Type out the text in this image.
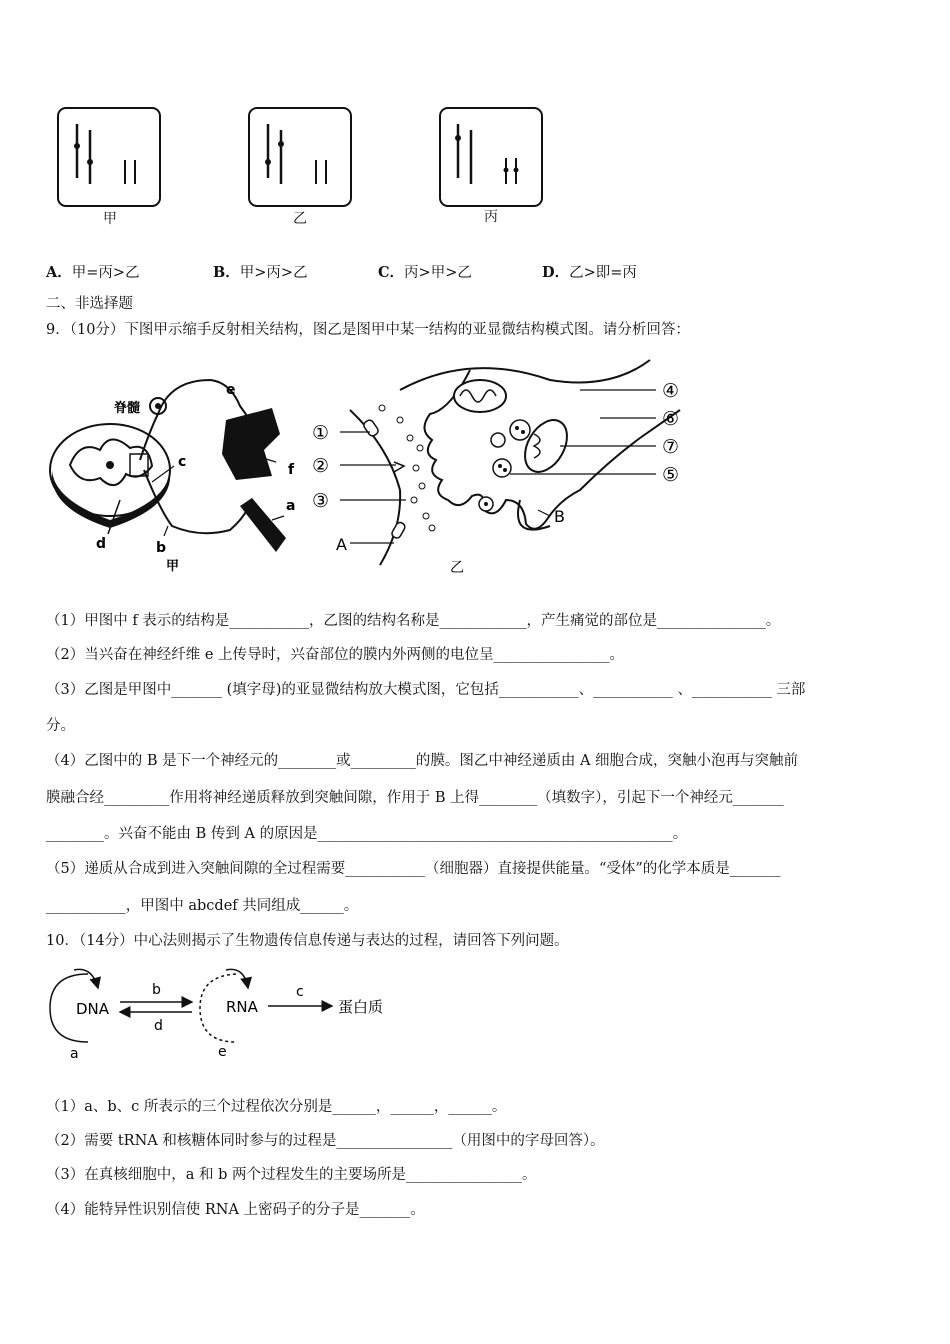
甲	乙	丙
A．甲=丙>乙	B．甲>丙>乙	C．丙>甲>乙	D．乙>即=丙
二、非选择题
9．（10分）下图甲示缩手反射相关结构，图乙是图甲中某一结构的亚显微结构模式图。请分析回答：
脊髓
a
b
c
d
e
f
甲
①
②
③
④
⑥
⑦
⑤
A
B
乙
（1）甲图中 f 表示的结构是___________，乙图的结构名称是____________，产生痛觉的部位是_______________。
（2）当兴奋在神经纤维 e 上传导时，兴奋部位的膜内外两侧的电位呈________________。
（3）乙图是甲图中_______ (填字母)的亚显微结构放大模式图，它包括___________、___________ 、___________ 三部
分。
（4）乙图中的 B 是下一个神经元的________或_________的膜。图乙中神经递质由 A 细胞合成，突触小泡再与突触前
膜融合经_________作用将神经递质释放到突触间隙，作用于 B 上得________（填数字），引起下一个神经元_______
________。兴奋不能由 B 传到 A 的原因是_________________________________________________。
（5）递质从合成到进入突触间隙的全过程需要___________（细胞器）直接提供能量。“受体”的化学本质是_______
___________，甲图中 abcdef 共同组成______。
10．（14分）中心法则揭示了生物遗传信息传递与表达的过程，请回答下列问题。
DNA	RNA	蛋白质
a
b	c
d
e
（1）a、b、c 所表示的三个过程依次分别是______，______，______。
（2）需要 tRNA 和核糖体同时参与的过程是________________（用图中的字母回答）。
（3）在真核细胞中，a 和 b 两个过程发生的主要场所是________________。
（4）能特异性识别信使 RNA 上密码子的分子是_______。
